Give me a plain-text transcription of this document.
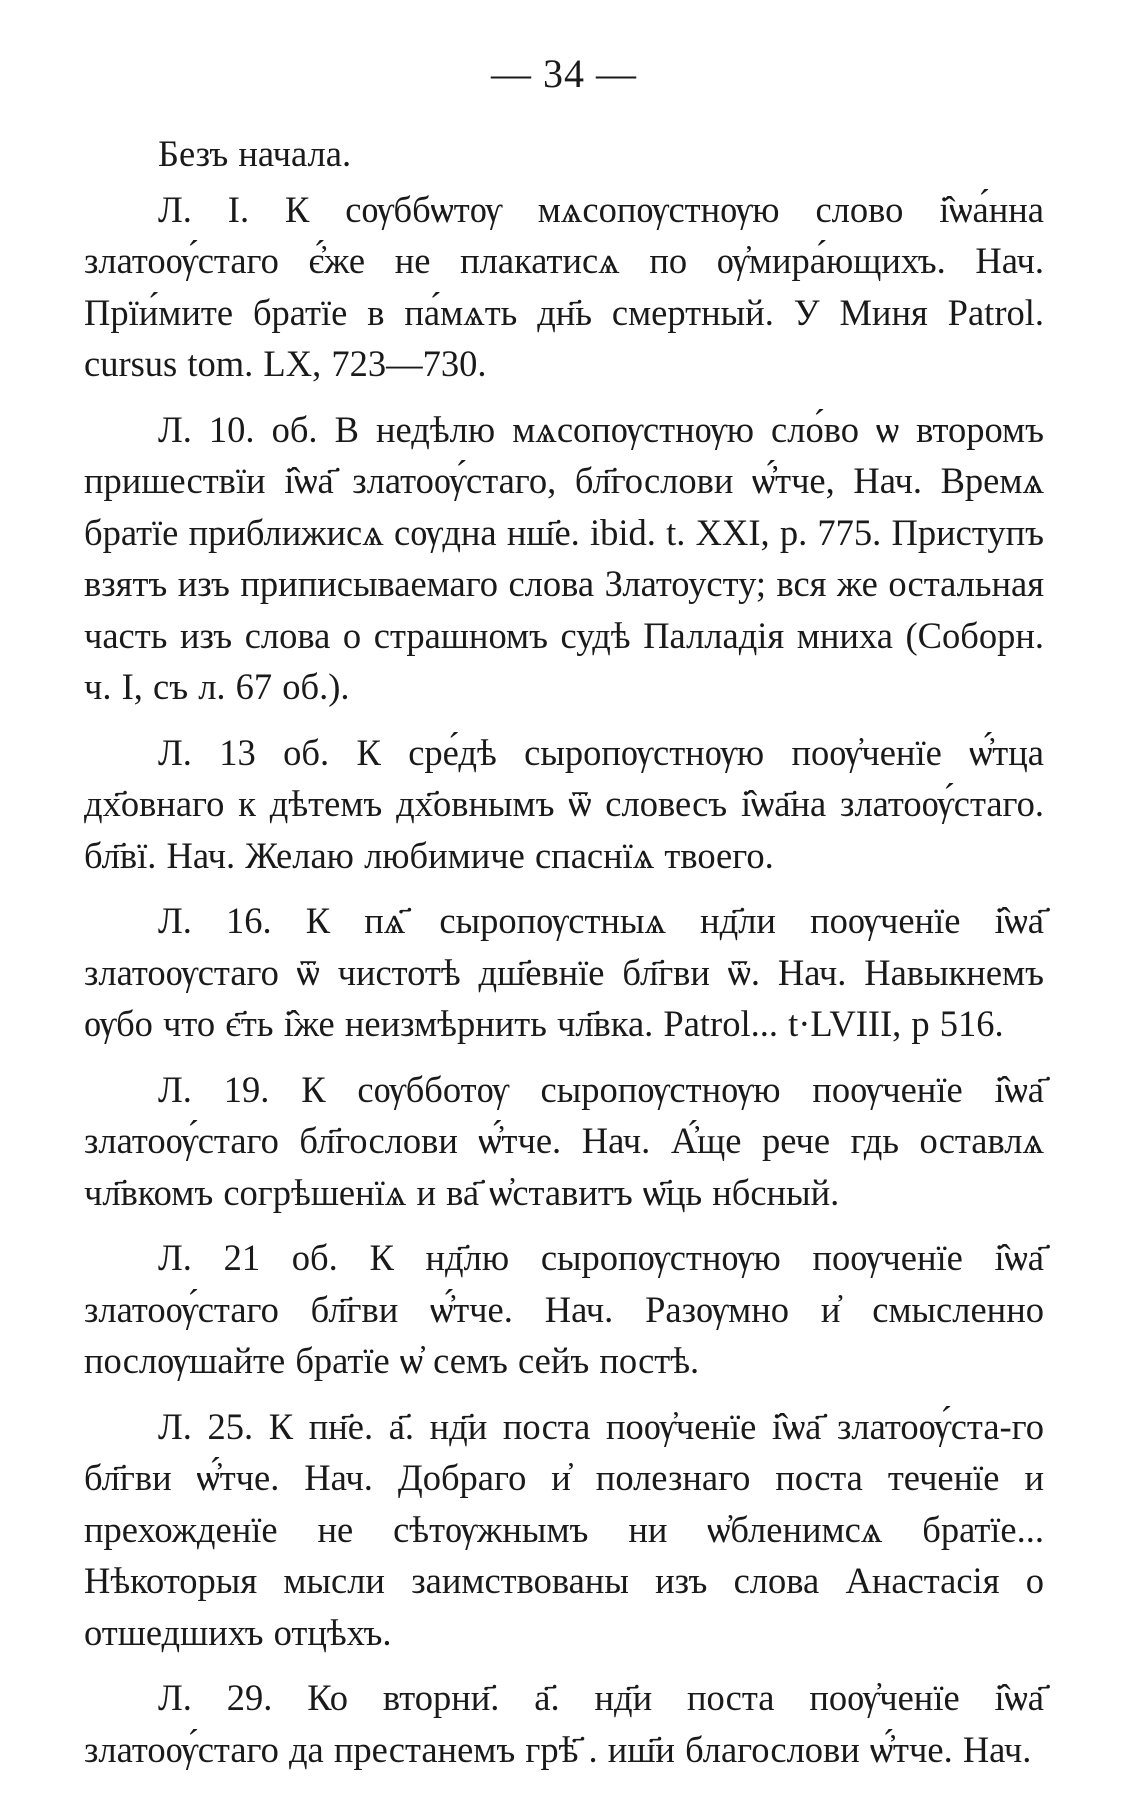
— 34 —

Безъ начала.

Л. I. К сѹббѡтѹ мѧсопѹстнѹю слово і̂ѡа́нна златоѹ́стаго є҆́же не плакатисѧ по ѹ҆мира́ющихъ. Нач. Прїи́мите братїе в па́мѧть дн҃ь смертный. У Миня Patrol. cursus tom. LX, 723—730.

Л. 10. об. В недѣлю мѧсопѹстнѹю сло́во ѡ второмъ пришествїи і̂ѡа҃ златоѹ́стаго, бл҃гослови ѡ҆҆́тче, Нач. Времѧ братїе приближисѧ сѹдна нш҃е. ibid. t. XXI, p. 775. Приступъ взятъ изъ приписываемаго слова Златоусту; вся же остальная часть изъ слова о страшномъ судѣ Палладія мниха (Соборн. ч. I, съ л. 67 об.).

Л. 13 об. К сре́дѣ сыропѹстнѹю поѹ҆ченїе ѡ҆́тца дх҃овнаго к дѣтемъ дх҃овнымъ ѿ словесъ і̂ѡа҃на златоѹ́стаго. бл҃вї. Нач. Желаю любимиче спаснїѧ твоего.

Л. 16. К пѧ҃ сыропѹстныѧ нд҃ли поѹченїе і̂ѡа҃ златоѹстаго ѿ чистотѣ дш҃евнїе бл҃гви ѿ. Нач. Навыкнемъ ѹбо что є҃ть і̂же неизмѣрнить чл҃вка. Patrol... t·LVIII, p 516.

Л. 19. К сѹбботѹ сыропѹстнѹю поѹченїе і̂ѡа҃ златоѹ́стаго бл҃гослови ѡ҆́тче. Нач. А҆́ще рече гдь оставлѧ чл҃вкомъ согрѣшенїѧ и ва҃ ѡ҆ставитъ ѡ҃ць нбсный.

Л. 21 об. К нд҃лю сыропѹстнѹю поѹченїе і̂ѡа҃ златоѹ́стаго бл҃гви ѡ҆́тче. Нач. Разѹмно и҆ смысленно послѹшайте братїе ѡ҆ семъ сейъ постѣ.

Л. 25. К пн҃е. а҃. нд҃и поста поѹ҆ченїе і̂ѡа҃ златоѹ́ста-го бл҃гви ѡ҆́тче. Нач. Добраго и҆ полезнаго поста теченїе и прехожденїе не сѣтѹжнымъ ни ѡ҆бленимсѧ братїе... Нѣкоторыя мысли заимствованы изъ слова Анастасія о отшедшихъ отцѣхъ.

Л. 29. Ко вторни҃. а҃. нд҃и поста поѹ҆ченїе і̂ѡа҃ златоѹ́стаго да престанемъ грѣ҃ . иш҃и благослови ѡ҆́тче. Нач.
